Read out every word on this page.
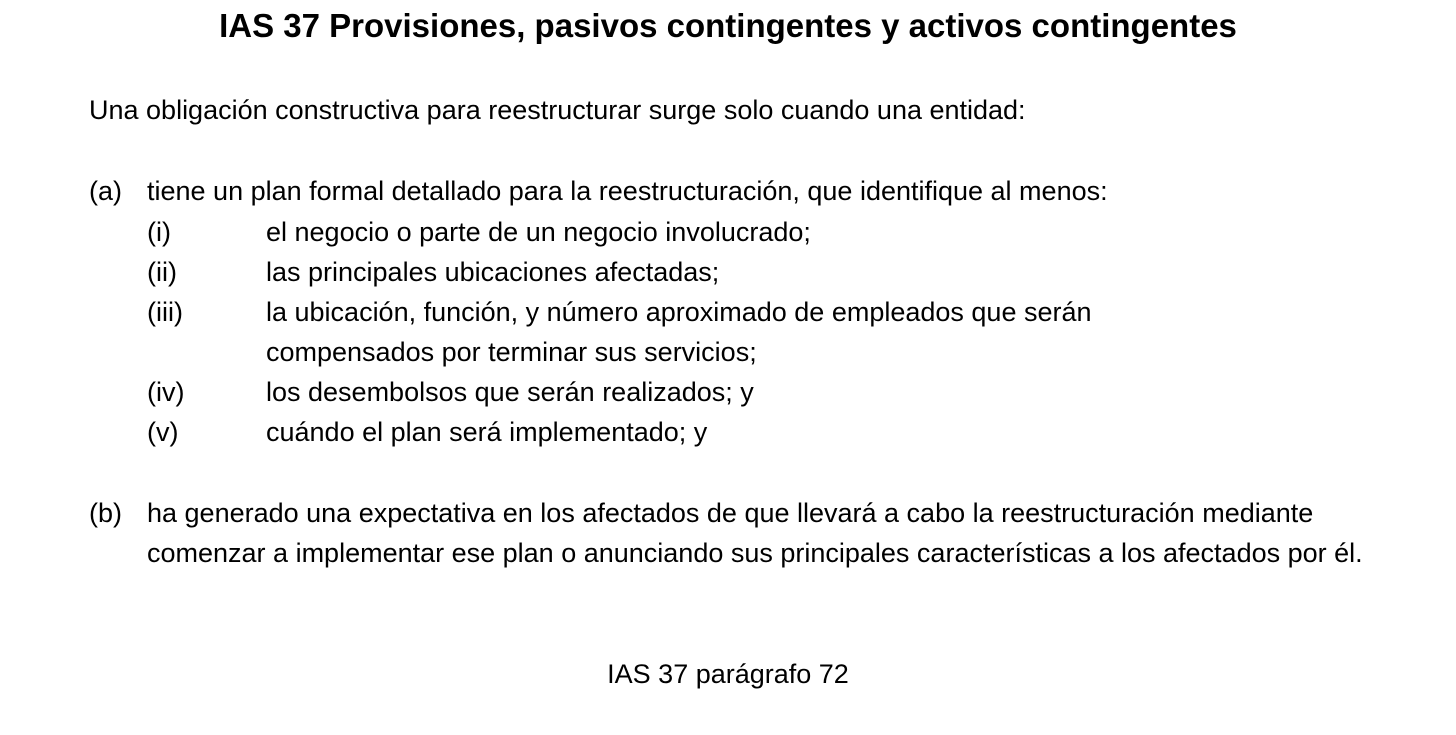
IAS 37 Provisiones, pasivos contingentes y activos contingentes
Una obligación constructiva para reestructurar surge solo cuando una entidad:
(a) tiene un plan formal detallado para la reestructuración, que identifique al menos:
(i)	el negocio o parte de un negocio involucrado;
(ii)	las principales ubicaciones afectadas;
(iii)	la ubicación, función, y número aproximado de empleados que serán compensados por terminar sus servicios;
(iv)	los desembolsos que serán realizados; y
(v)	cuándo el plan será implementado; y
(b) ha generado una expectativa en los afectados de que llevará a cabo la reestructuración mediante comenzar a implementar ese plan o anunciando sus principales características a los afectados por él.
IAS 37 parágrafo 72
